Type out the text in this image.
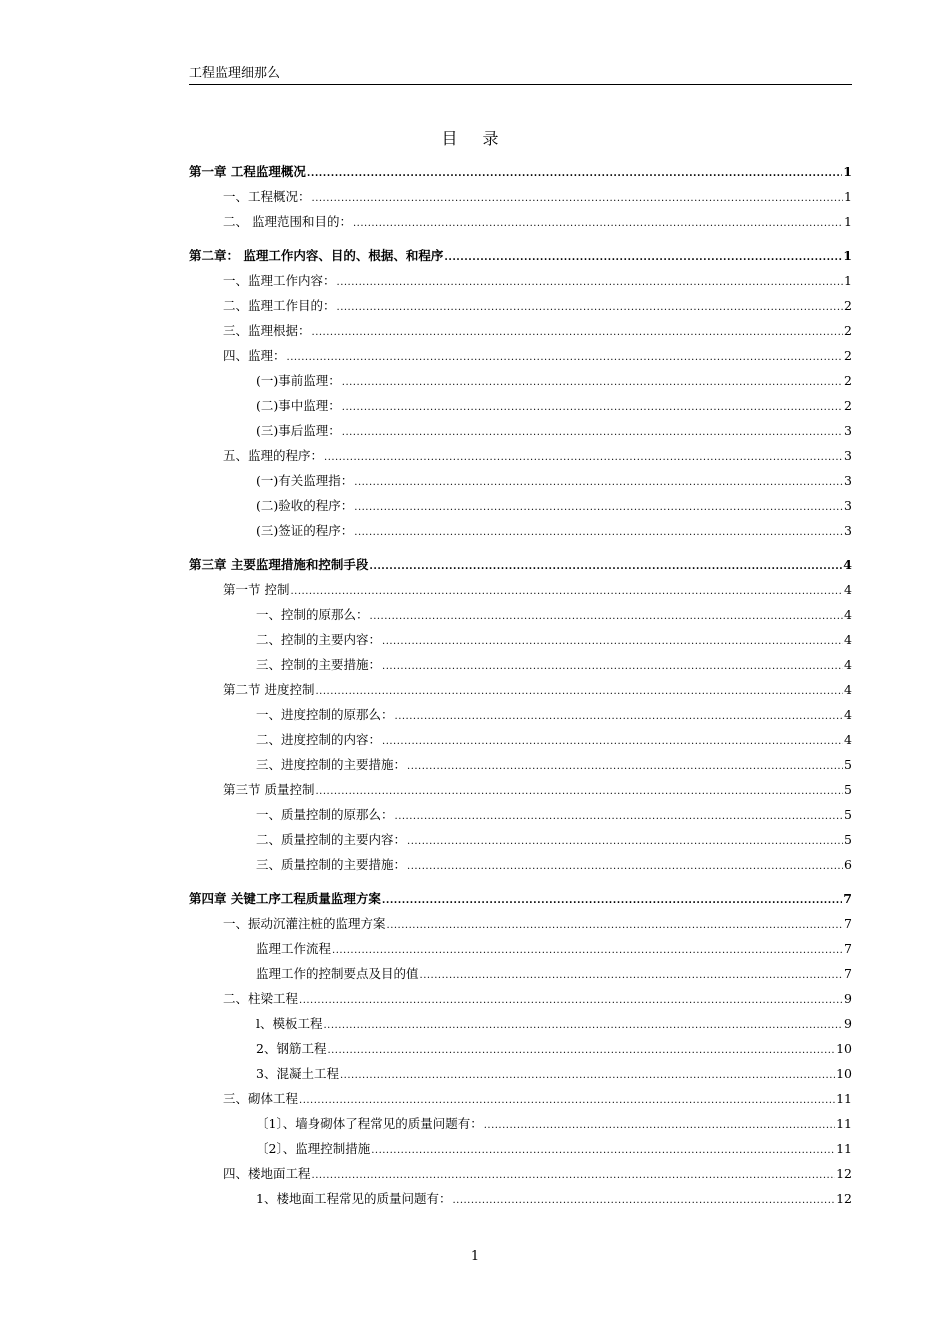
工程监理细那么
目 录
第一章 工程监理概况 .....	1
一、工程概况： .....	1
二、 监理范围和目的： .....	1
第二章： 监理工作内容、目的、根据、和程序 .....	1
一、监理工作内容： .....	1
二、监理工作目的： .....	2
三、监理根据： .....	2
四、监理： .....	2
(一)事前监理： .....	2
(二)事中监理： .....	2
(三)事后监理： .....	3
五、监理的程序： .....	3
(一)有关监理指： .....	3
(二)验收的程序： .....	3
(三)签证的程序： .....	3
第三章 主要监理措施和控制手段 .....	4
第一节 控制 .....	4
一、控制的原那么： .....	4
二、控制的主要内容： .....	4
三、控制的主要措施： .....	4
第二节 进度控制 .....	4
一、进度控制的原那么： .....	4
二、进度控制的内容： .....	4
三、进度控制的主要措施： .....	5
第三节 质量控制 .....	5
一、质量控制的原那么： .....	5
二、质量控制的主要内容： .....	5
三、质量控制的主要措施： .....	6
第四章 关键工序工程质量监理方案 .....	7
一、振动沉灌注桩的监理方案 .....	7
监理工作流程 .....	7
监理工作的控制要点及目的值 .....	7
二、柱梁工程 .....	9
l、模板工程 .....	9
2、钢筋工程 .....	10
3、混凝土工程 .....	10
三、砌体工程 .....	11
〔1〕、墙身砌体了程常见的质量问题有： .....	11
〔2〕、监理控制措施 .....	11
四、楼地面工程 .....	12
1、楼地面工程常见的质量问题有： .....	12
1
